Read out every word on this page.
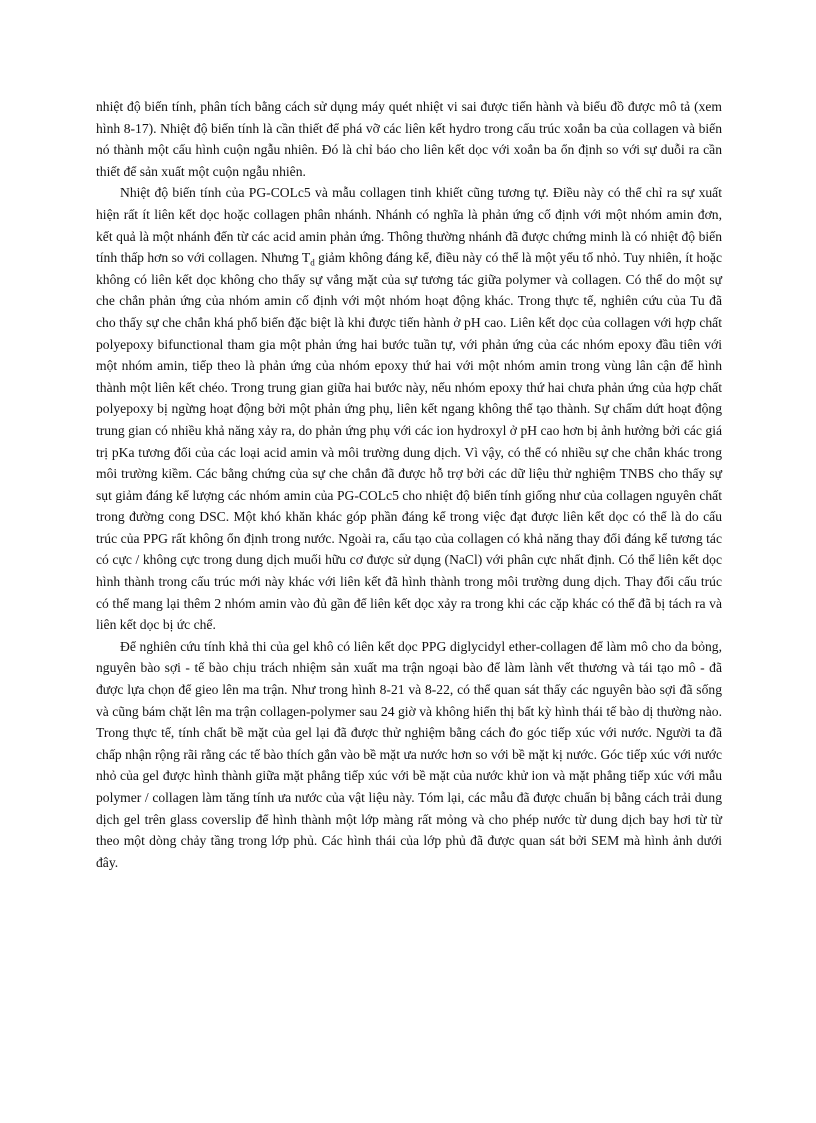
nhiệt độ biến tính, phân tích bằng cách sử dụng máy quét nhiệt vi sai được tiến hành và biểu đồ được mô tả (xem hình 8-17). Nhiệt độ biến tính là cần thiết để phá vỡ các liên kết hydro trong cấu trúc xoắn ba của collagen và biến nó thành một cấu hình cuộn ngẫu nhiên. Đó là chỉ báo cho liên kết dọc với xoắn ba ổn định so với sự duỗi ra cần thiết để sản xuất một cuộn ngẫu nhiên.

Nhiệt độ biến tính của PG-COLc5 và mẫu collagen tinh khiết cũng tương tự. Điều này có thể chỉ ra sự xuất hiện rất ít liên kết dọc hoặc collagen phân nhánh. Nhánh có nghĩa là phản ứng cố định với một nhóm amin đơn, kết quả là một nhánh đến từ các acid amin phản ứng. Thông thường nhánh đã được chứng minh là có nhiệt độ biến tính thấp hơn so với collagen. Nhưng $T_d$ giảm không đáng kể, điều này có thể là một yếu tố nhỏ. Tuy nhiên, ít hoặc không có liên kết dọc không cho thấy sự vắng mặt của sự tương tác giữa polymer và collagen. Có thể do một sự che chắn phản ứng của nhóm amin cố định với một nhóm hoạt động khác. Trong thực tế, nghiên cứu của Tu đã cho thấy sự che chắn khá phổ biến đặc biệt là khi được tiến hành ở pH cao. Liên kết dọc của collagen với hợp chất polyepoxy bifunctional tham gia một phản ứng hai bước tuần tự, với phản ứng của các nhóm epoxy đầu tiên với một nhóm amin, tiếp theo là phản ứng của nhóm epoxy thứ hai với một nhóm amin trong vùng lân cận để hình thành một liên kết chéo. Trong trung gian giữa hai bước này, nếu nhóm epoxy thứ hai chưa phản ứng của hợp chất polyepoxy bị ngừng hoạt động bởi một phản ứng phụ, liên kết ngang không thể tạo thành. Sự chấm dứt hoạt động trung gian có nhiều khả năng xảy ra, do phản ứng phụ với các ion hydroxyl ở pH cao hơn bị ảnh hưởng bởi các giá trị pKa tương đối của các loại acid amin và môi trường dung dịch. Vì vậy, có thể có nhiều sự che chắn khác trong môi trường kiềm. Các bằng chứng của sự che chắn đã được hỗ trợ bởi các dữ liệu thử nghiệm TNBS cho thấy sự sụt giảm đáng kể lượng các nhóm amin của PG-COLc5 cho nhiệt độ biến tính giống như của collagen nguyên chất trong đường cong DSC. Một khó khăn khác góp phần đáng kể trong việc đạt được liên kết dọc có thể là do cấu trúc của PPG rất không ổn định trong nước. Ngoài ra, cấu tạo của collagen có khả năng thay đổi đáng kể tương tác có cực / không cực trong dung dịch muối hữu cơ được sử dụng (NaCl) với phân cực nhất định. Có thể liên kết dọc hình thành trong cấu trúc mới này khác với liên kết đã hình thành trong môi trường dung dịch. Thay đổi cấu trúc có thể mang lại thêm 2 nhóm amin vào đủ gần để liên kết dọc xảy ra trong khi các cặp khác có thể đã bị tách ra và liên kết dọc bị ức chế.

Để nghiên cứu tính khả thi của gel khô có liên kết dọc PPG diglycidyl ether-collagen để làm mô cho da bỏng, nguyên bào sợi - tế bào chịu trách nhiệm sản xuất ma trận ngoại bào để làm lành vết thương và tái tạo mô - đã được lựa chọn để gieo lên ma trận. Như trong hình 8-21 và 8-22, có thể quan sát thấy các nguyên bào sợi đã sống và cũng bám chặt lên ma trận collagen-polymer sau 24 giờ và không hiển thị bất kỳ hình thái tế bào dị thường nào. Trong thực tế, tính chất bề mặt của gel lại đã được thử nghiệm bằng cách đo góc tiếp xúc với nước. Người ta đã chấp nhận rộng rãi rằng các tế bào thích gắn vào bề mặt ưa nước hơn so với bề mặt kị nước. Góc tiếp xúc với nước nhỏ của gel được hình thành giữa mặt phẳng tiếp xúc với bề mặt của nước khử ion và mặt phẳng tiếp xúc với mẫu polymer / collagen làm tăng tính ưa nước của vật liệu này. Tóm lại, các mẫu đã được chuẩn bị bằng cách trải dung dịch gel trên glass coverslip để hình thành một lớp màng rất mỏng và cho phép nước từ dung dịch bay hơi từ từ theo một dòng chảy tầng trong lớp phủ. Các hình thái của lớp phủ đã được quan sát bởi SEM mà hình ảnh dưới đây.
